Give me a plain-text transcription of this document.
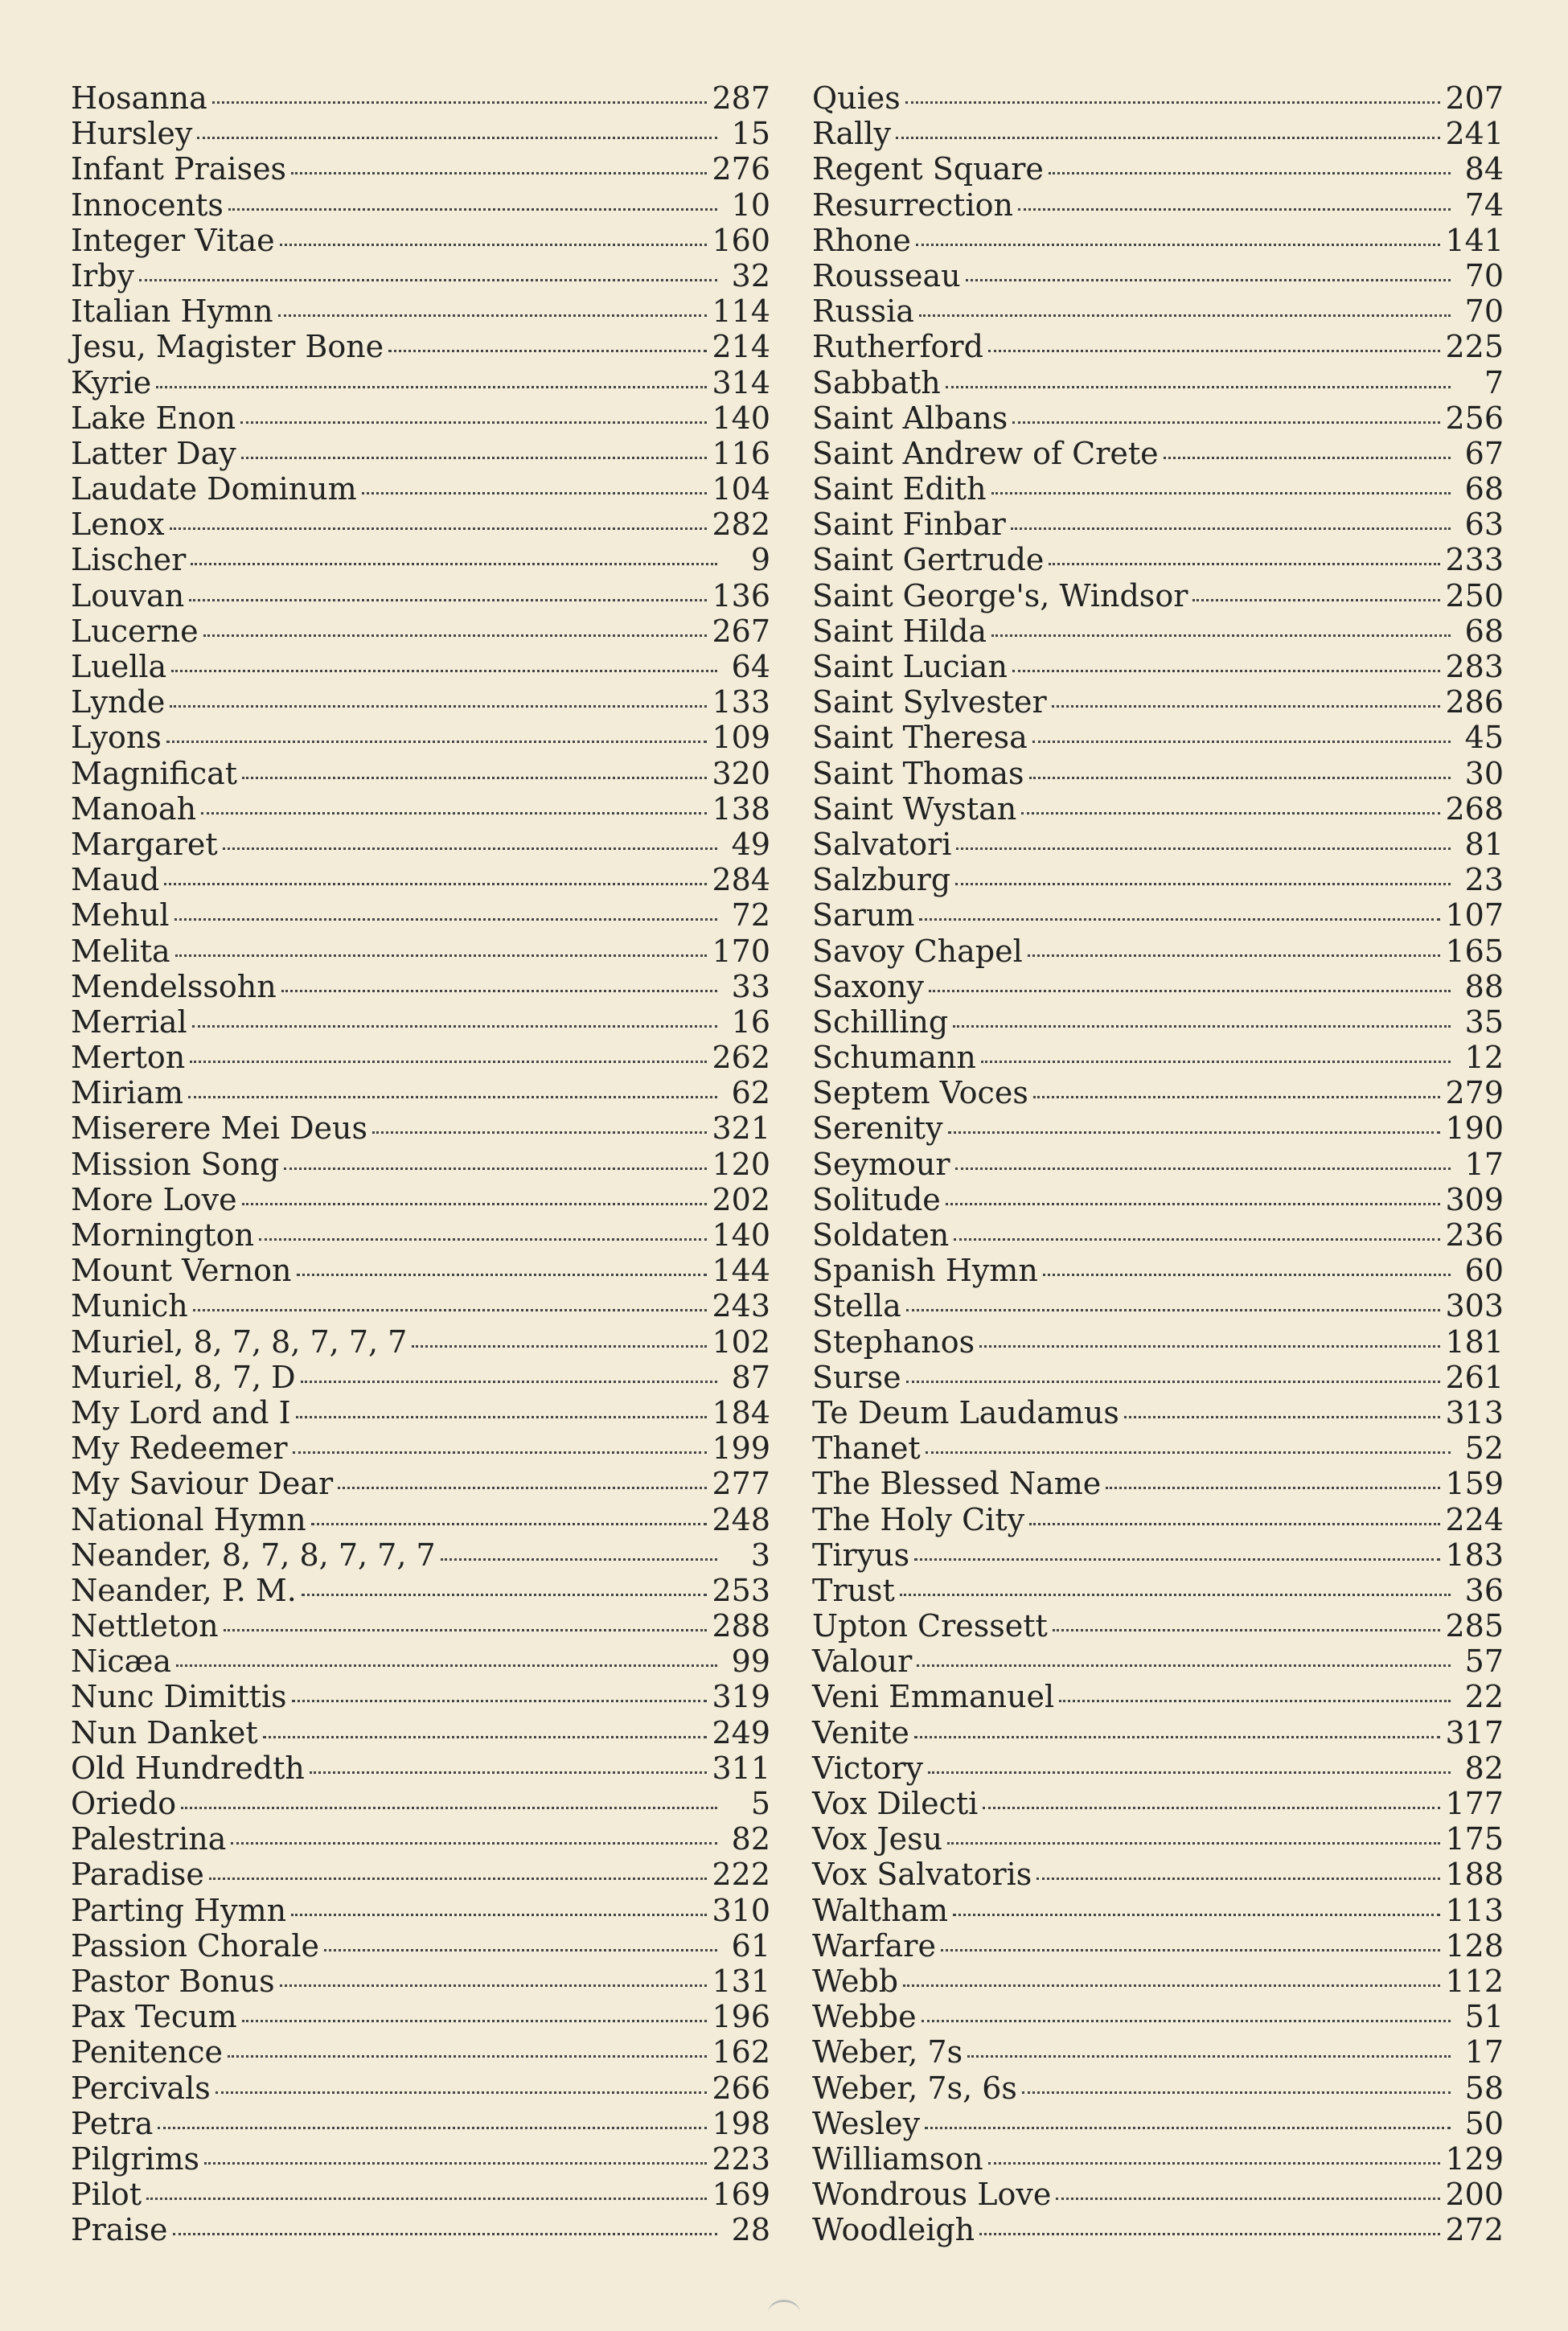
Hosanna	287
Hursley	15
Infant Praises	276
Innocents	10
Integer Vitae	160
Irby	32
Italian Hymn	114
Jesu, Magister Bone	214
Kyrie	314
Lake Enon	140
Latter Day	116
Laudate Dominum	104
Lenox	282
Lischer	9
Louvan	136
Lucerne	267
Luella	64
Lynde	133
Lyons	109
Magnificat	320
Manoah	138
Margaret	49
Maud	284
Mehul	72
Melita	170
Mendelssohn	33
Merrial	16
Merton	262
Miriam	62
Miserere Mei Deus	321
Mission Song	120
More Love	202
Mornington	140
Mount Vernon	144
Munich	243
Muriel, 8, 7, 8, 7, 7, 7	102
Muriel, 8, 7, D	87
My Lord and I	184
My Redeemer	199
My Saviour Dear	277
National Hymn	248
Neander, 8, 7, 8, 7, 7, 7	3
Neander, P. M.	253
Nettleton	288
Nicæa	99
Nunc Dimittis	319
Nun Danket	249
Old Hundredth	311
Oriedo	5
Palestrina	82
Paradise	222
Parting Hymn	310
Passion Chorale	61
Pastor Bonus	131
Pax Tecum	196
Penitence	162
Percivals	266
Petra	198
Pilgrims	223
Pilot	169
Praise	28
Quies	207
Rally	241
Regent Square	84
Resurrection	74
Rhone	141
Rousseau	70
Russia	70
Rutherford	225
Sabbath	7
Saint Albans	256
Saint Andrew of Crete	67
Saint Edith	68
Saint Finbar	63
Saint Gertrude	233
Saint George's, Windsor	250
Saint Hilda	68
Saint Lucian	283
Saint Sylvester	286
Saint Theresa	45
Saint Thomas	30
Saint Wystan	268
Salvatori	81
Salzburg	23
Sarum	107
Savoy Chapel	165
Saxony	88
Schilling	35
Schumann	12
Septem Voces	279
Serenity	190
Seymour	17
Solitude	309
Soldaten	236
Spanish Hymn	60
Stella	303
Stephanos	181
Surse	261
Te Deum Laudamus	313
Thanet	52
The Blessed Name	159
The Holy City	224
Tiryus	183
Trust	36
Upton Cressett	285
Valour	57
Veni Emmanuel	22
Venite	317
Victory	82
Vox Dilecti	177
Vox Jesu	175
Vox Salvatoris	188
Waltham	113
Warfare	128
Webb	112
Webbe	51
Weber, 7s	17
Weber, 7s, 6s	58
Wesley	50
Williamson	129
Wondrous Love	200
Woodleigh	272
